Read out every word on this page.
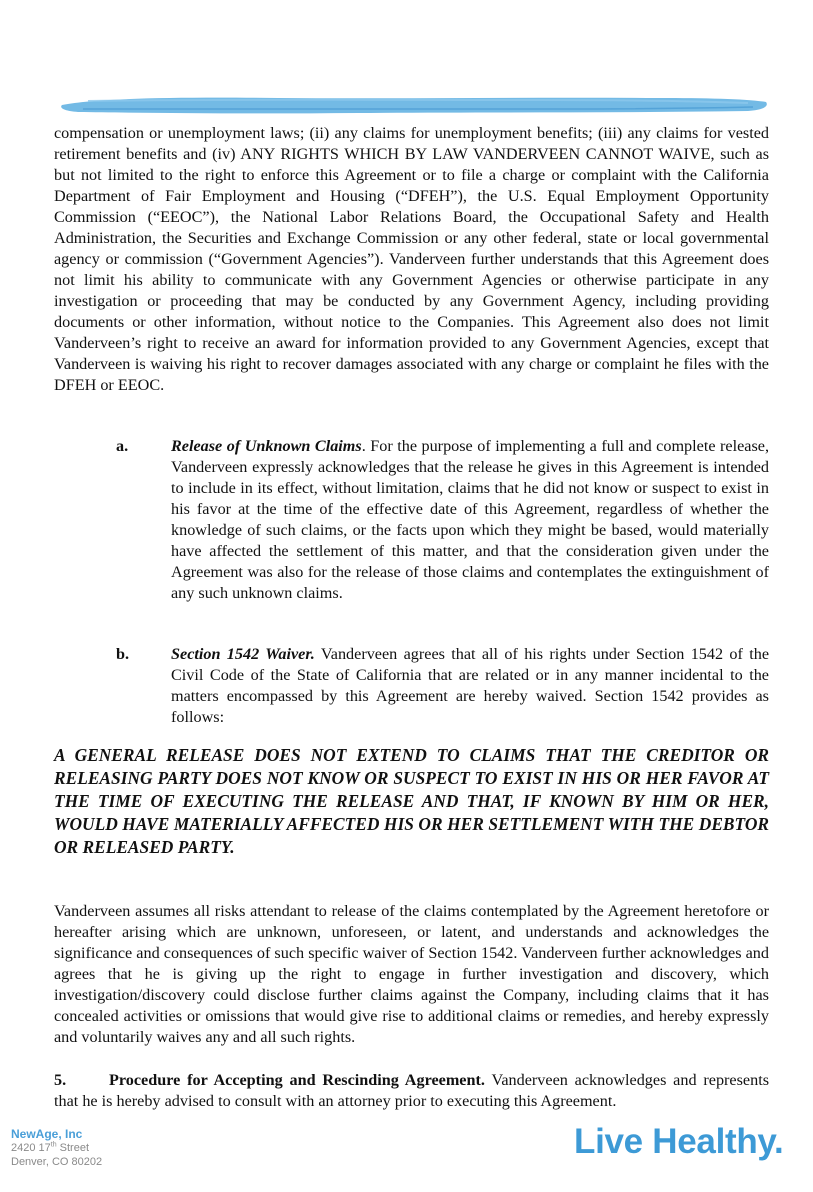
compensation or unemployment laws; (ii) any claims for unemployment benefits; (iii) any claims for vested retirement benefits and (iv) ANY RIGHTS WHICH BY LAW VANDERVEEN CANNOT WAIVE, such as but not limited to the right to enforce this Agreement or to file a charge or complaint with the California Department of Fair Employment and Housing (“DFEH”), the U.S. Equal Employment Opportunity Commission (“EEOC”), the National Labor Relations Board, the Occupational Safety and Health Administration, the Securities and Exchange Commission or any other federal, state or local governmental agency or commission (“Government Agencies”). Vanderveen further understands that this Agreement does not limit his ability to communicate with any Government Agencies or otherwise participate in any investigation or proceeding that may be conducted by any Government Agency, including providing documents or other information, without notice to the Companies. This Agreement also does not limit Vanderveen’s right to receive an award for information provided to any Government Agencies, except that Vanderveen is waiving his right to recover damages associated with any charge or complaint he files with the DFEH or EEOC.

a.	Release of Unknown Claims. For the purpose of implementing a full and complete release, Vanderveen expressly acknowledges that the release he gives in this Agreement is intended to include in its effect, without limitation, claims that he did not know or suspect to exist in his favor at the time of the effective date of this Agreement, regardless of whether the knowledge of such claims, or the facts upon which they might be based, would materially have affected the settlement of this matter, and that the consideration given under the Agreement was also for the release of those claims and contemplates the extinguishment of any such unknown claims.

b.	Section 1542 Waiver. Vanderveen agrees that all of his rights under Section 1542 of the Civil Code of the State of California that are related or in any manner incidental to the matters encompassed by this Agreement are hereby waived. Section 1542 provides as follows:

A GENERAL RELEASE DOES NOT EXTEND TO CLAIMS THAT THE CREDITOR OR RELEASING PARTY DOES NOT KNOW OR SUSPECT TO EXIST IN HIS OR HER FAVOR AT THE TIME OF EXECUTING THE RELEASE AND THAT, IF KNOWN BY HIM OR HER, WOULD HAVE MATERIALLY AFFECTED HIS OR HER SETTLEMENT WITH THE DEBTOR OR RELEASED PARTY.

Vanderveen assumes all risks attendant to release of the claims contemplated by the Agreement heretofore or hereafter arising which are unknown, unforeseen, or latent, and understands and acknowledges the significance and consequences of such specific waiver of Section 1542. Vanderveen further acknowledges and agrees that he is giving up the right to engage in further investigation and discovery, which investigation/discovery could disclose further claims against the Company, including claims that it has concealed activities or omissions that would give rise to additional claims or remedies, and hereby expressly and voluntarily waives any and all such rights.

5.	Procedure for Accepting and Rescinding Agreement. Vanderveen acknowledges and represents that he is hereby advised to consult with an attorney prior to executing this Agreement.

NewAge, Inc
2420 17th Street
Denver, CO 80202
Live Healthy.
